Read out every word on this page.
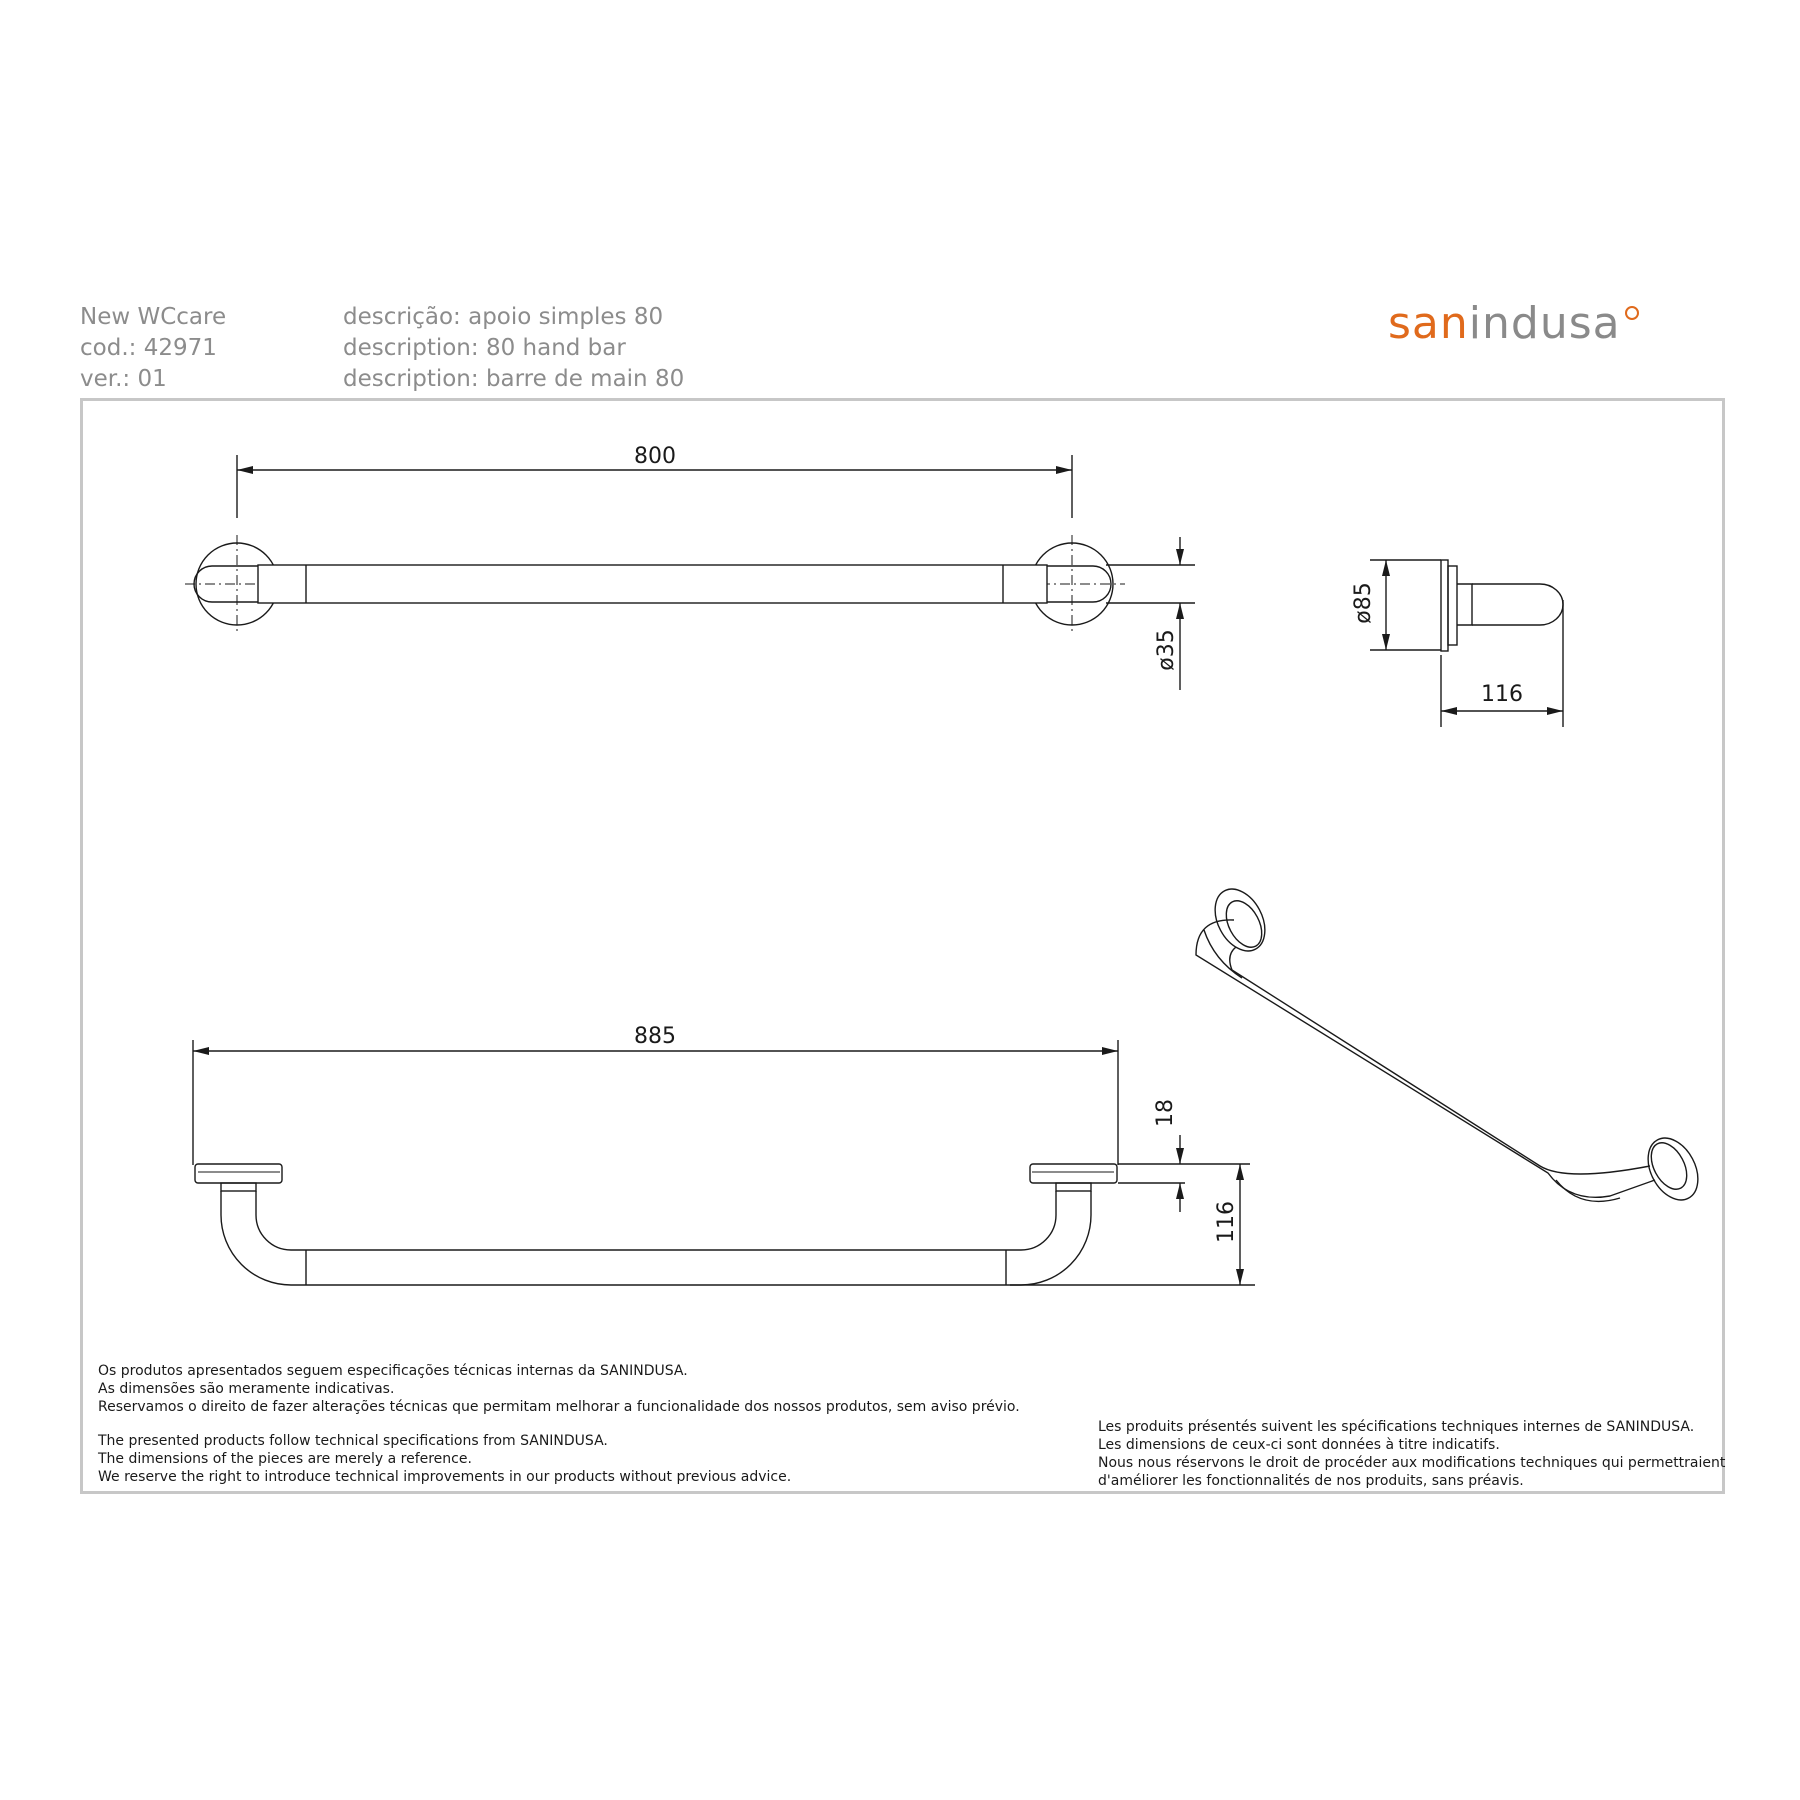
New WCcare
cod.: 42971
ver.: 01
descrição: apoio simples 80
description: 80 hand bar
description: barre de main 80
sanindusa
800
ø35
ø85
116
885
18
116
Os produtos apresentados seguem especificações técnicas internas da SANINDUSA.
As dimensões são meramente indicativas.
Reservamos o direito de fazer alterações técnicas que permitam melhorar a funcionalidade dos nossos produtos, sem aviso prévio.
The presented products follow technical specifications from SANINDUSA.
The dimensions of the pieces are merely a reference.
We reserve the right to introduce technical improvements in our products without previous advice.
Les produits présentés suivent les spécifications techniques internes de SANINDUSA.
Les dimensions de ceux-ci sont données à titre indicatifs.
Nous nous réservons le droit de procéder aux modifications techniques qui permettraient
d'améliorer les fonctionnalités de nos produits, sans préavis.
